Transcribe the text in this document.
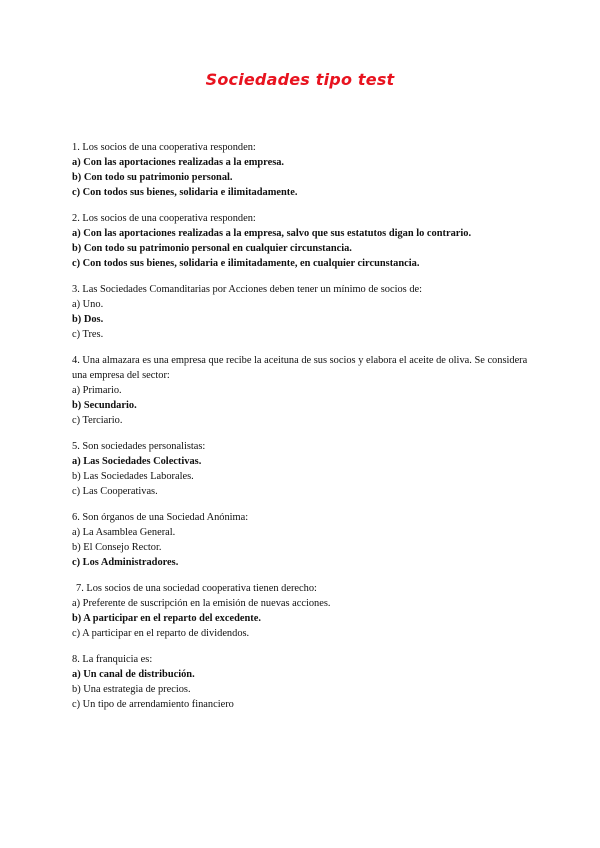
Sociedades tipo test
1. Los socios de una cooperativa responden:
a) Con las aportaciones realizadas a la empresa.
b) Con todo su patrimonio personal.
c) Con todos sus bienes, solidaria e ilimitadamente.
2. Los socios de una cooperativa responden:
a) Con las aportaciones realizadas a la empresa, salvo que sus estatutos digan lo contrario.
b) Con todo su patrimonio personal en cualquier circunstancia.
c) Con todos sus bienes, solidaria e ilimitadamente, en cualquier circunstancia.
3. Las Sociedades Comanditarias por Acciones deben tener un mínimo de socios de:
a) Uno.
b) Dos.
c) Tres.
4. Una almazara es una empresa que recibe la aceituna de sus socios y elabora el aceite de oliva. Se considera una empresa del sector:
a) Primario.
b) Secundario.
c) Terciario.
5. Son sociedades personalistas:
a) Las Sociedades Colectivas.
b) Las Sociedades Laborales.
c) Las Cooperativas.
6. Son órganos de una Sociedad Anónima:
a) La Asamblea General.
b) El Consejo Rector.
c) Los Administradores.
7. Los socios de una sociedad cooperativa tienen derecho:
a) Preferente de suscripción en la emisión de nuevas acciones.
b) A participar en el reparto del excedente.
c) A participar en el reparto de dividendos.
8. La franquicia es:
a) Un canal de distribución.
b) Una estrategia de precios.
c) Un tipo de arrendamiento financiero
